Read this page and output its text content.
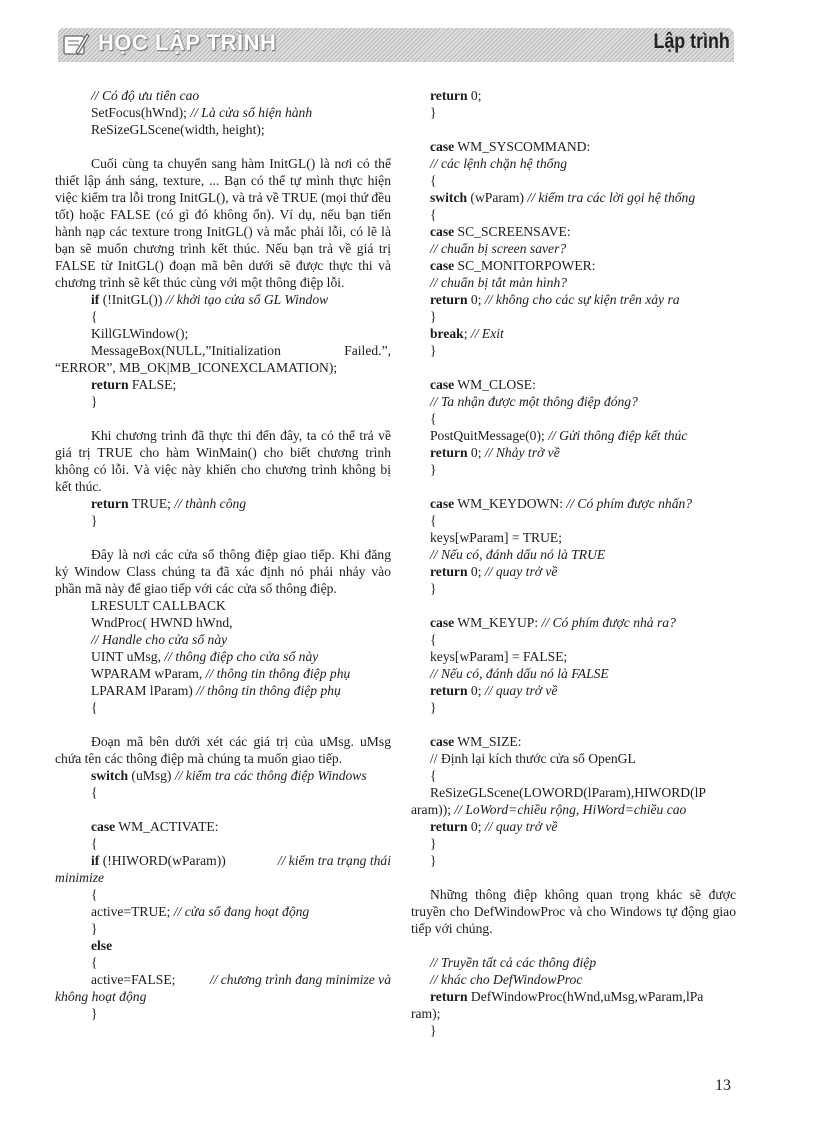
HỌC LẬP TRÌNH	Lập trình
// Có độ ưu tiên cao
SetFocus(hWnd); // Là cửa sổ hiện hành
ReSizeGLScene(width, height);
Cuối cùng ta chuyển sang hàm InitGL() là nơi có thể thiết lập ánh sáng, texture, ... Bạn có thể tự mình thực hiện việc kiểm tra lỗi trong InitGL(), và trả về TRUE (mọi thứ đều tốt) hoặc FALSE (có gì đó không ổn). Ví dụ, nếu bạn tiến hành nạp các texture trong InitGL() và mắc phải lỗi, có lẽ là bạn sẽ muốn chương trình kết thúc. Nếu bạn trả về giá trị FALSE từ InitGL() đoạn mã bên dưới sẽ được thực thi và chương trình sẽ kết thúc cùng với một thông điệp lỗi.
if (!InitGL()) // khởi tạo cửa sổ GL Window
{
KillGLWindow();
MessageBox(NULL,”Initialization	Failed.”,
“ERROR”, MB_OK|MB_ICONEXCLAMATION);
return FALSE;
}
Khi chương trình đã thực thi đến đây, ta có thể trả về giá trị TRUE cho hàm WinMain() cho biết chương trình không có lỗi. Và việc này khiến cho chương trình không bị kết thúc.
return TRUE; // thành công
}
Đây là nơi các cửa sổ thông điệp giao tiếp. Khi đăng ký Window Class chúng ta đã xác định nó phải nhảy vào phần mã này để giao tiếp với các cửa sổ thông điệp.
LRESULT CALLBACK
WndProc( HWND hWnd,
// Handle cho cửa sổ này
UINT uMsg, // thông điệp cho cửa sổ này
WPARAM wParam, // thông tin thông điệp phụ
LPARAM lParam) // thông tin thông điệp phụ
{
Đoạn mã bên dưới xét các giá trị của uMsg. uMsg chứa tên các thông điệp mà chúng ta muốn giao tiếp.
switch (uMsg) // kiểm tra các thông điệp Windows
{
case WM_ACTIVATE:
{
if (!HIWORD(wParam))	// kiểm tra trạng thái
minimize
{
active=TRUE; // cửa sổ đang hoạt động
}
else
{
active=FALSE;	// chương trình đang minimize và
không hoạt động
}
return 0;
}
case WM_SYSCOMMAND:
// các lệnh chặn hệ thống
{
switch (wParam) // kiểm tra các lời gọi hệ thống
{
case SC_SCREENSAVE:
// chuẩn bị screen saver?
case SC_MONITORPOWER:
// chuẩn bị tắt màn hình?
return 0; // không cho các sự kiện trên xảy ra
}
break; // Exit
}
case WM_CLOSE:
// Ta nhận được một thông điệp đóng?
{
PostQuitMessage(0); // Gửi thông điệp kết thúc
return 0; // Nhảy trở về
}
case WM_KEYDOWN: // Có phím được nhấn?
{
keys[wParam] = TRUE;
// Nếu có, đánh dấu nó là TRUE
return 0; // quay trở về
}
case WM_KEYUP: // Có phím được nhả ra?
{
keys[wParam] = FALSE;
// Nếu có, đánh dấu nó là FALSE
return 0; // quay trở về
}
case WM_SIZE:
// Định lại kích thước cửa sổ OpenGL
{
ReSizeGLScene(LOWORD(lParam),HIWORD(lP
aram)); // LoWord=chiều rộng, HiWord=chiều cao
return 0; // quay trở về
}
}
Những thông điệp không quan trọng khác sẽ được truyền cho DefWindowProc và cho Windows tự động giao tiếp với chúng.
// Truyền tất cả các thông điệp
// khác cho DefWindowProc
return DefWindowProc(hWnd,uMsg,wParam,lPa
ram);
}
13
